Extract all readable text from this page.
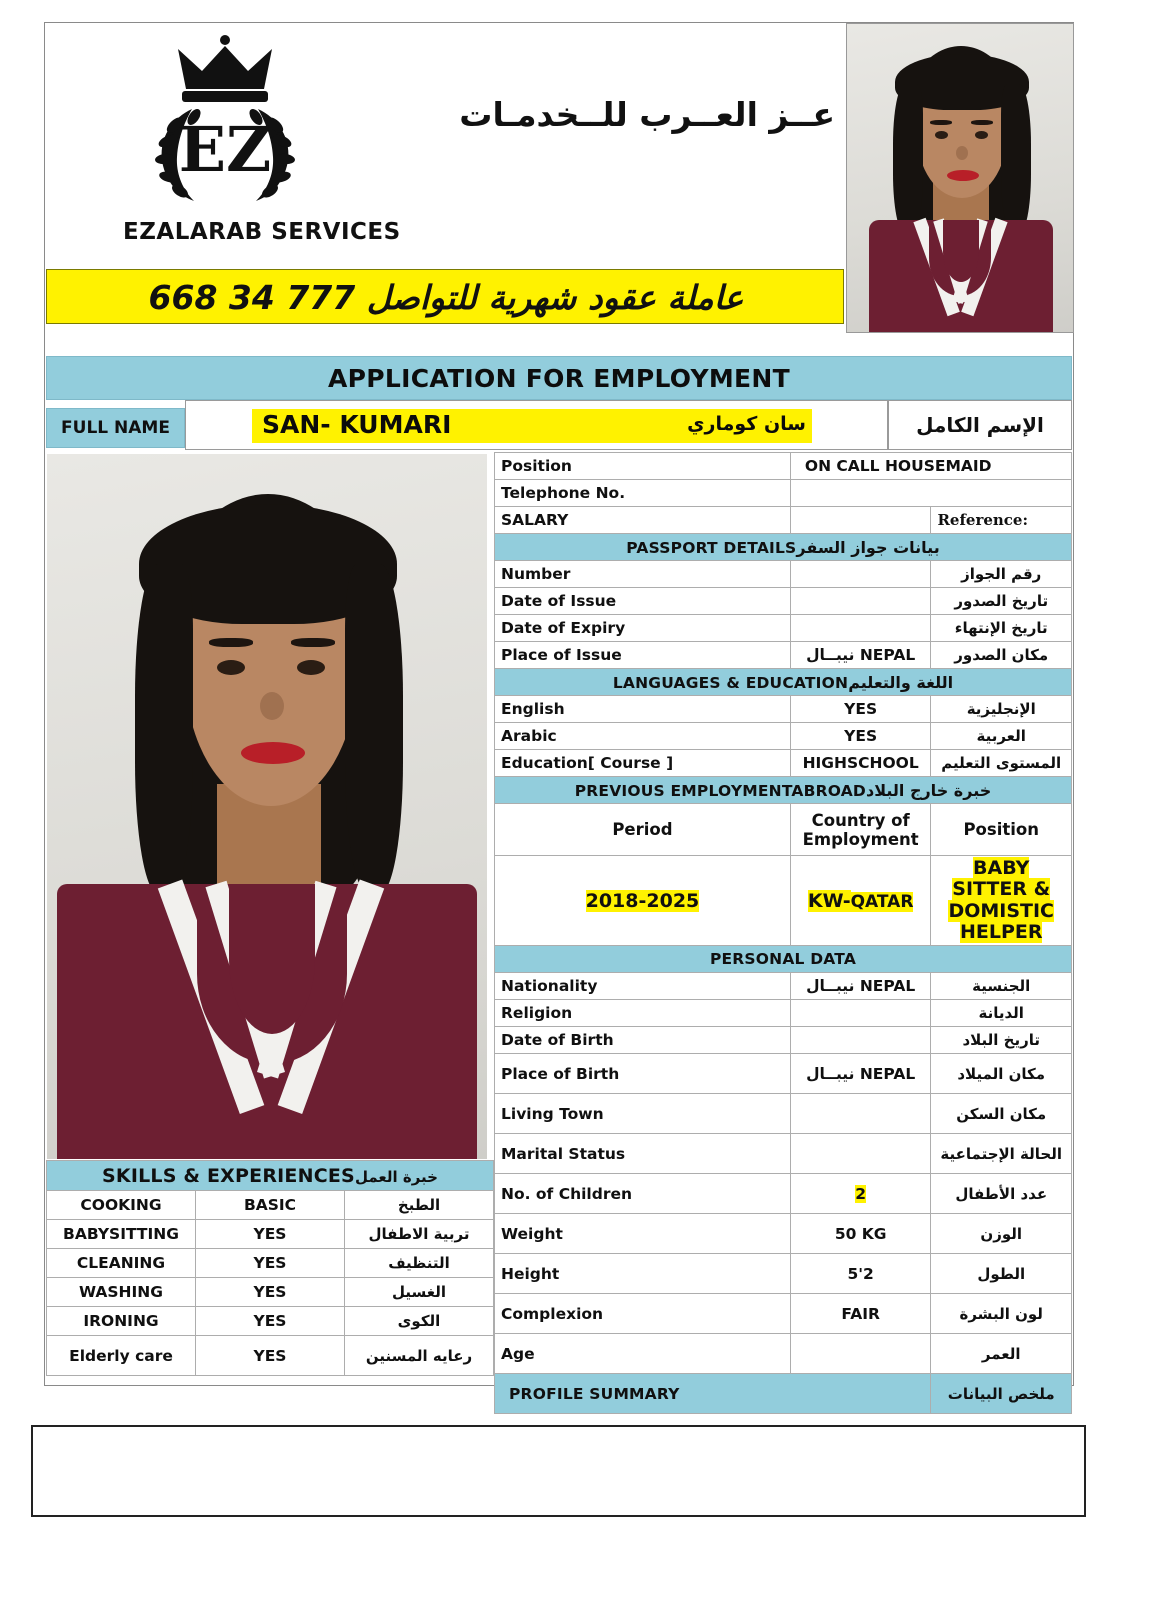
EZ
EZALARAB SERVICES
عــز العــرب للــخدمـات
عاملة عقود شهرية للتواصل 777 34 668
APPLICATION FOR EMPLOYMENT
FULL NAME	SAN- KUMARI	سان كوماري	الإسم الكامل
Position	ON CALL HOUSEMAID	
Telephone No.		
SALARY		Reference:
PASSPORT DETAILSبيانات جواز السفر		
Number		رقم الجواز
Date of Issue		تاريخ الصدور
Date of Expiry		تاريخ الإنتهاء
Place of Issue	نيبــال NEPAL	مكان الصدور
LANGUAGES & EDUCATIONاللغة والتعليم		
English	YES	الإنجليزية
Arabic	YES	العربية
Education[ Course ]	HIGHSCHOOL	المستوى التعليم
PREVIOUS EMPLOYMENTABROADخبرة خارج البلاد		
Period	Country of Employment	Position
2018-2025	KW-QATAR	BABY SITTER & DOMISTIC HELPER
PERSONAL DATA		
Nationality	نيبــال NEPAL	الجنسية
Religion		الديانة
Date of Birth		تاريخ البلاد
Place of Birth	نيبــال NEPAL	مكان الميلاد
Living Town		مكان السكن
Marital Status		الحالة الإجتماعية
No. of Children	2	عدد الأطفال
Weight	50 KG	الوزن
Height	5'2	الطول
Complexion	FAIR	لون البشرة
Age		العمر
PROFILE SUMMARY		ملخص البيانات

SKILLS & EXPERIENCESخبرة العمل		
COOKING	BASIC	الطبخ
BABYSITTING	YES	تربية الاطفال
CLEANING	YES	التنظيف
WASHING	YES	الغسيل
IRONING	YES	الكوى
Elderly care	YES	رعايه المسنين
